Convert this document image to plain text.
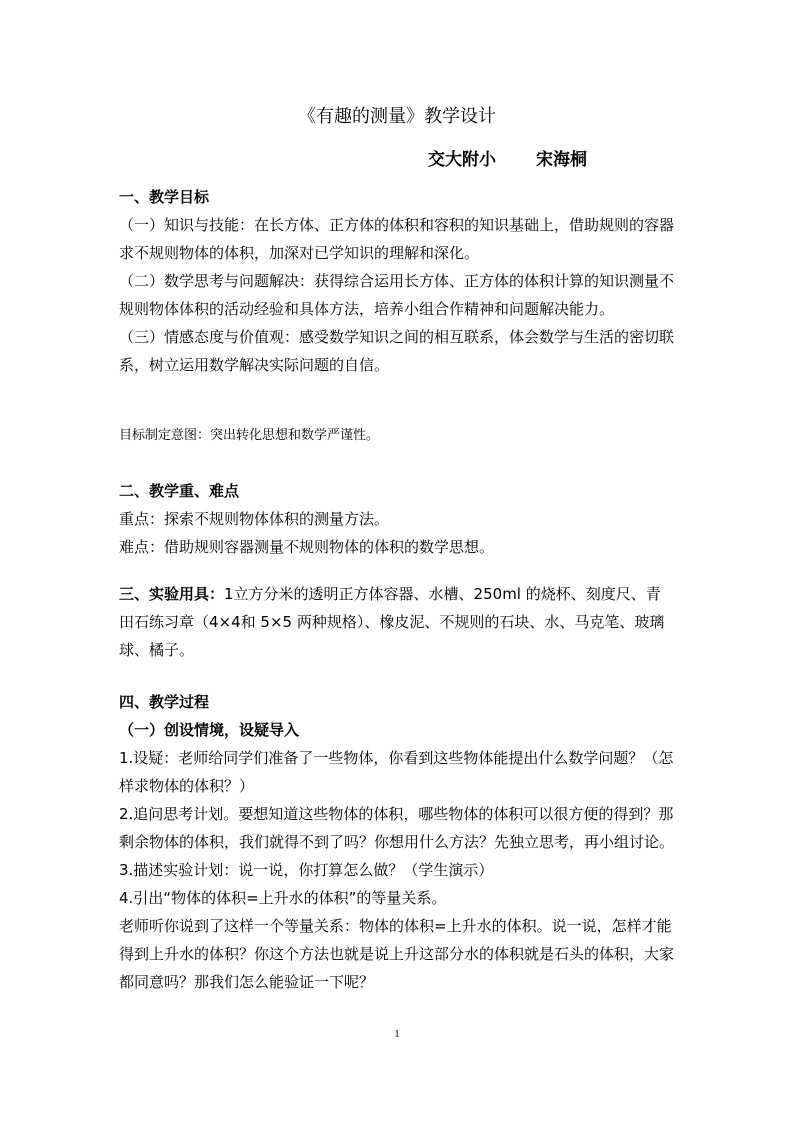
《有趣的测量》教学设计
交大附小 宋海桐

一、教学目标

（一）知识与技能：在长方体、正方体的体积和容积的知识基础上，借助规则的容器求不规则物体的体积，加深对已学知识的理解和深化。

（二）数学思考与问题解决：获得综合运用长方体、正方体的体积计算的知识测量不规则物体体积的活动经验和具体方法，培养小组合作精神和问题解决能力。

（三）情感态度与价值观：感受数学知识之间的相互联系，体会数学与生活的密切联系，树立运用数学解决实际问题的自信。

目标制定意图：突出转化思想和数学严谨性。

二、教学重、难点

重点：探索不规则物体体积的测量方法。

难点：借助规则容器测量不规则物体的体积的数学思想。

三、实验用具：1立方分米的透明正方体容器、水槽、250ml 的烧杯、刻度尺、青田石练习章（4×4和 5×5 两种规格）、橡皮泥、不规则的石块、水、马克笔、玻璃球、橘子。

四、教学过程

（一）创设情境，设疑导入

1.设疑：老师给同学们准备了一些物体，你看到这些物体能提出什么数学问题？（怎样求物体的体积？）

2.追问思考计划。要想知道这些物体的体积，哪些物体的体积可以很方便的得到？那剩余物体的体积，我们就得不到了吗？你想用什么方法？先独立思考，再小组讨论。

3.描述实验计划：说一说，你打算怎么做？（学生演示）

4.引出“物体的体积=上升水的体积”的等量关系。

老师听你说到了这样一个等量关系：物体的体积=上升水的体积。说一说，怎样才能得到上升水的体积？你这个方法也就是说上升这部分水的体积就是石头的体积，大家都同意吗？那我们怎么能验证一下呢？

1
